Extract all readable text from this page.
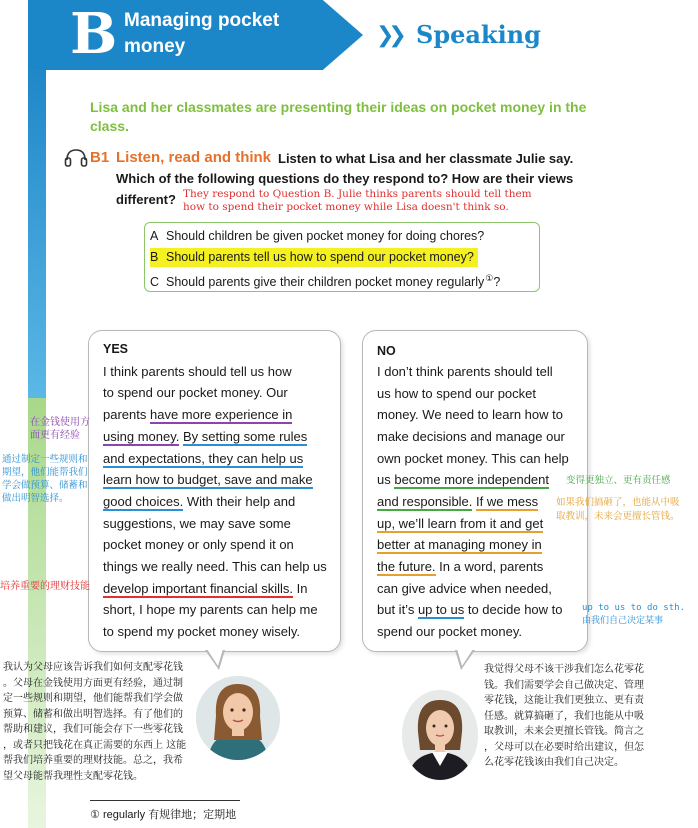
B Managing pocket
money	❯❯ Speaking
Lisa and her classmates are presenting their ideas on pocket money in the class.
B1 Listen, read and think Listen to what Lisa and her classmate Julie say.
Which of the following questions do they respond to? How are their views
different? They respond to Question B. Julie thinks parents should tell them
how to spend their pocket money while Lisa doesn't think so.
A Should children be given pocket money for doing chores?
B Should parents tell us how to spend our pocket money?
C Should parents give their children pocket money regularly①?
YES	NO
I think parents should tell us how
to spend our pocket money. Our
parents have more experience in
using money. By setting some rules
and expectations, they can help us
learn how to budget, save and make
good choices. With their help and
suggestions, we may save some
pocket money or only spend it on
things we really need. This can help us
develop important financial skills. In
short, I hope my parents can help me
to spend my pocket money wisely.
I don’t think parents should tell
us how to spend our pocket
money. We need to learn how to
make decisions and manage our
own pocket money. This can help
us become more independent
and responsible. If we mess
up, we’ll learn from it and get
better at managing money in
the future. In a word, parents
can give advice when needed,
but it’s up to us to decide how to
spend our pocket money.
在金钱使用方
面更有经验
通过制定一些规则和
期望，他们能帮我们
学会做预算、储蓄和
做出明智选择。
培养重要的理财技能
变得更独立、更有责任感
如果我们搞砸了，也能从中吸
取教训，未来会更擅长管钱。
up to us to do sth.
由我们自己决定某事
我认为父母应该告诉我们如何支配零花钱
。父母在金钱使用方面更有经验，通过制
定一些规则和期望，他们能帮我们学会做
预算、储蓄和做出明智选择。有了他们的
帮助和建议，我们可能会存下一些零花钱
，或者只把钱花在真正需要的东西上 这能
帮我们培养重要的理财技能。总之，我希
望父母能帮我理性支配零花钱。
我觉得父母不该干涉我们怎么花零花
钱。我们需要学会自己做决定、管理
零花钱，这能让我们更独立、更有责
任感。就算搞砸了，我们也能从中吸
取教训，未来会更擅长管钱。简言之
，父母可以在必要时给出建议，但怎
么花零花钱该由我们自己决定。
① regularly 有规律地；定期地
